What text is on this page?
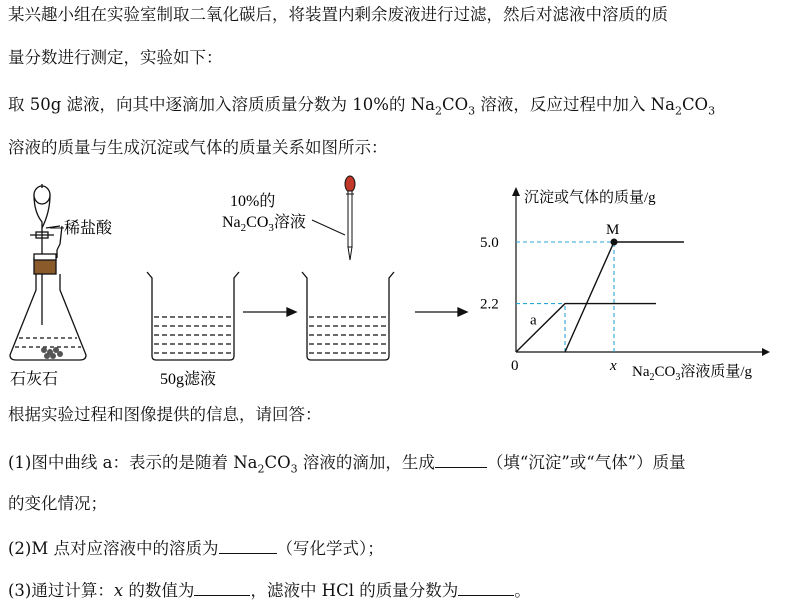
某兴趣小组在实验室制取二氧化碳后，将装置内剩余废液进行过滤，然后对滤液中溶质的质
量分数进行测定，实验如下：
取 50g 滤液，向其中逐滴加入溶质质量分数为 10%的 $Na_2CO_3$ 溶液，反应过程中加入 $Na_2CO_3$
溶液的质量与生成沉淀或气体的质量关系如图所示：
稀盐酸
石灰石	50g滤液
10%的
$Na_2CO_3$溶液
5.0
2.2
0	x
M
a
沉淀或气体的质量/g
$Na_2CO_3$溶液质量/g
根据实验过程和图像提供的信息，请回答：
(1)图中曲线 a：表示的是随着 $Na_2CO_3$ 溶液的滴加，生成	（填“沉淀”或“气体”）质量
的变化情况；
(2)M 点对应溶液中的溶质为	（写化学式）；
(3)通过计算：x 的数值为	，滤液中 HCl 的质量分数为	。
